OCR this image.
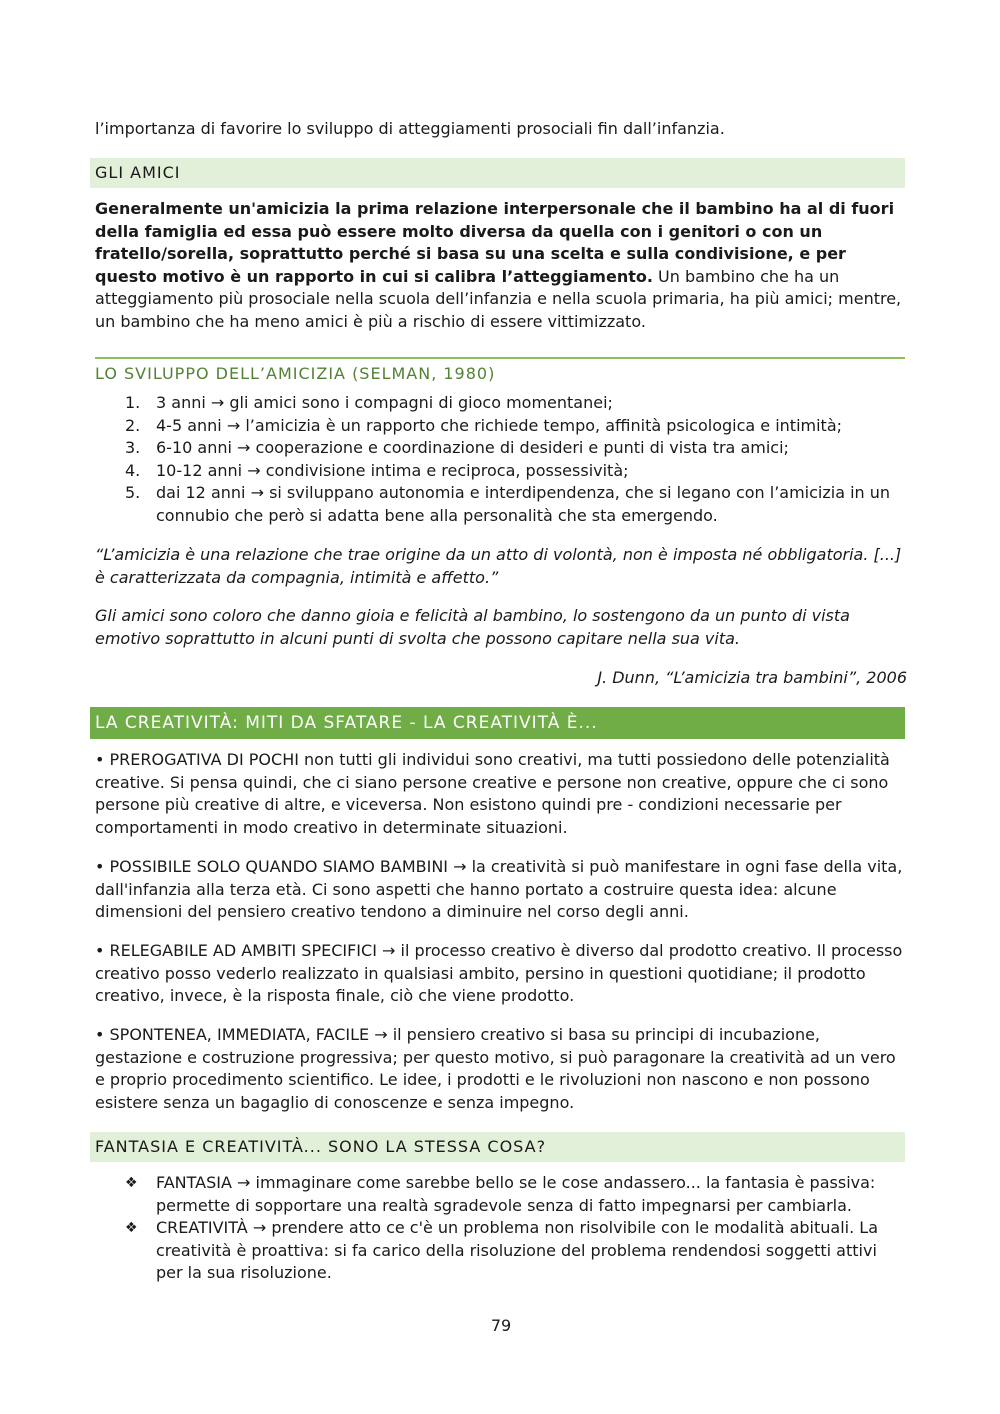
l’importanza di favorire lo sviluppo di atteggiamenti prosociali fin dall’infanzia.

GLI AMICI

Generalmente un'amicizia la prima relazione interpersonale che il bambino ha al di fuori della famiglia ed essa può essere molto diversa da quella con i genitori o con un fratello/sorella, soprattutto perché si basa su una scelta e sulla condivisione, e per questo motivo è un rapporto in cui si calibra l’atteggiamento. Un bambino che ha un atteggiamento più prosociale nella scuola dell’infanzia e nella scuola primaria, ha più amici; mentre, un bambino che ha meno amici è più a rischio di essere vittimizzato.

LO SVILUPPO DELL’AMICIZIA (SELMAN, 1980)
1. 3 anni → gli amici sono i compagni di gioco momentanei;
2. 4-5 anni → l’amicizia è un rapporto che richiede tempo, affinità psicologica e intimità;
3. 6-10 anni → cooperazione e coordinazione di desideri e punti di vista tra amici;
4. 10-12 anni → condivisione intima e reciproca, possessività;
5. dai 12 anni → si sviluppano autonomia e interdipendenza, che si legano con l’amicizia in un connubio che però si adatta bene alla personalità che sta emergendo.

“L’amicizia è una relazione che trae origine da un atto di volontà, non è imposta né obbligatoria. [...] è caratterizzata da compagnia, intimità e affetto.”

Gli amici sono coloro che danno gioia e felicità al bambino, lo sostengono da un punto di vista emotivo soprattutto in alcuni punti di svolta che possono capitare nella sua vita.

J. Dunn, “L’amicizia tra bambini”, 2006

LA CREATIVITÀ: MITI DA SFATARE - LA CREATIVITÀ È...

• PREROGATIVA DI POCHI non tutti gli individui sono creativi, ma tutti possiedono delle potenzialità creative. Si pensa quindi, che ci siano persone creative e persone non creative, oppure che ci sono persone più creative di altre, e viceversa. Non esistono quindi pre - condizioni necessarie per comportamenti in modo creativo in determinate situazioni.

• POSSIBILE SOLO QUANDO SIAMO BAMBINI → la creatività si può manifestare in ogni fase della vita, dall'infanzia alla terza età. Ci sono aspetti che hanno portato a costruire questa idea: alcune dimensioni del pensiero creativo tendono a diminuire nel corso degli anni.

• RELEGABILE AD AMBITI SPECIFICI → il processo creativo è diverso dal prodotto creativo. Il processo creativo posso vederlo realizzato in qualsiasi ambito, persino in questioni quotidiane; il prodotto creativo, invece, è la risposta finale, ciò che viene prodotto.

• SPONTENEA, IMMEDIATA, FACILE → il pensiero creativo si basa su principi di incubazione, gestazione e costruzione progressiva; per questo motivo, si può paragonare la creatività ad un vero e proprio procedimento scientifico. Le idee, i prodotti e le rivoluzioni non nascono e non possono esistere senza un bagaglio di conoscenze e senza impegno.

FANTASIA E CREATIVITÀ... SONO LA STESSA COSA?
❖ FANTASIA → immaginare come sarebbe bello se le cose andassero... la fantasia è passiva: permette di sopportare una realtà sgradevole senza di fatto impegnarsi per cambiarla.
❖ CREATIVITÀ → prendere atto ce c'è un problema non risolvibile con le modalità abituali. La creatività è proattiva: si fa carico della risoluzione del problema rendendosi soggetti attivi per la sua risoluzione.
79
